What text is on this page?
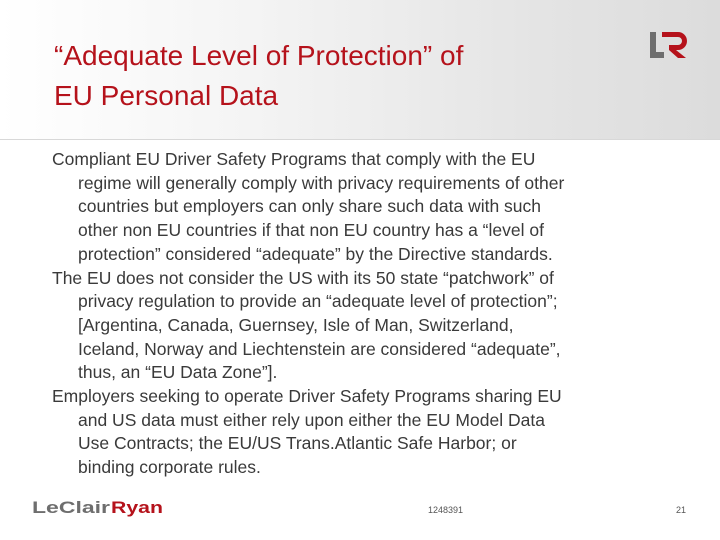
“Adequate Level of Protection” of
EU Personal Data

Compliant EU Driver Safety Programs that comply with the EU
regime will generally comply with privacy requirements of other
countries but employers can only share such data with such
other non EU countries if that non EU country has a “level of
protection” considered “adequate” by the Directive standards.

The EU does not consider the US with its 50 state “patchwork” of
privacy regulation to provide an “adequate level of protection”;
[Argentina, Canada, Guernsey, Isle of Man, Switzerland,
Iceland, Norway and Liechtenstein are considered “adequate”,
thus, an “EU Data Zone”].

Employers seeking to operate Driver Safety Programs sharing EU
and US data must either rely upon either the EU Model Data
Use Contracts; the EU/US Trans.Atlantic Safe Harbor; or
binding corporate rules.

LeClair Ryan	1248391	21
